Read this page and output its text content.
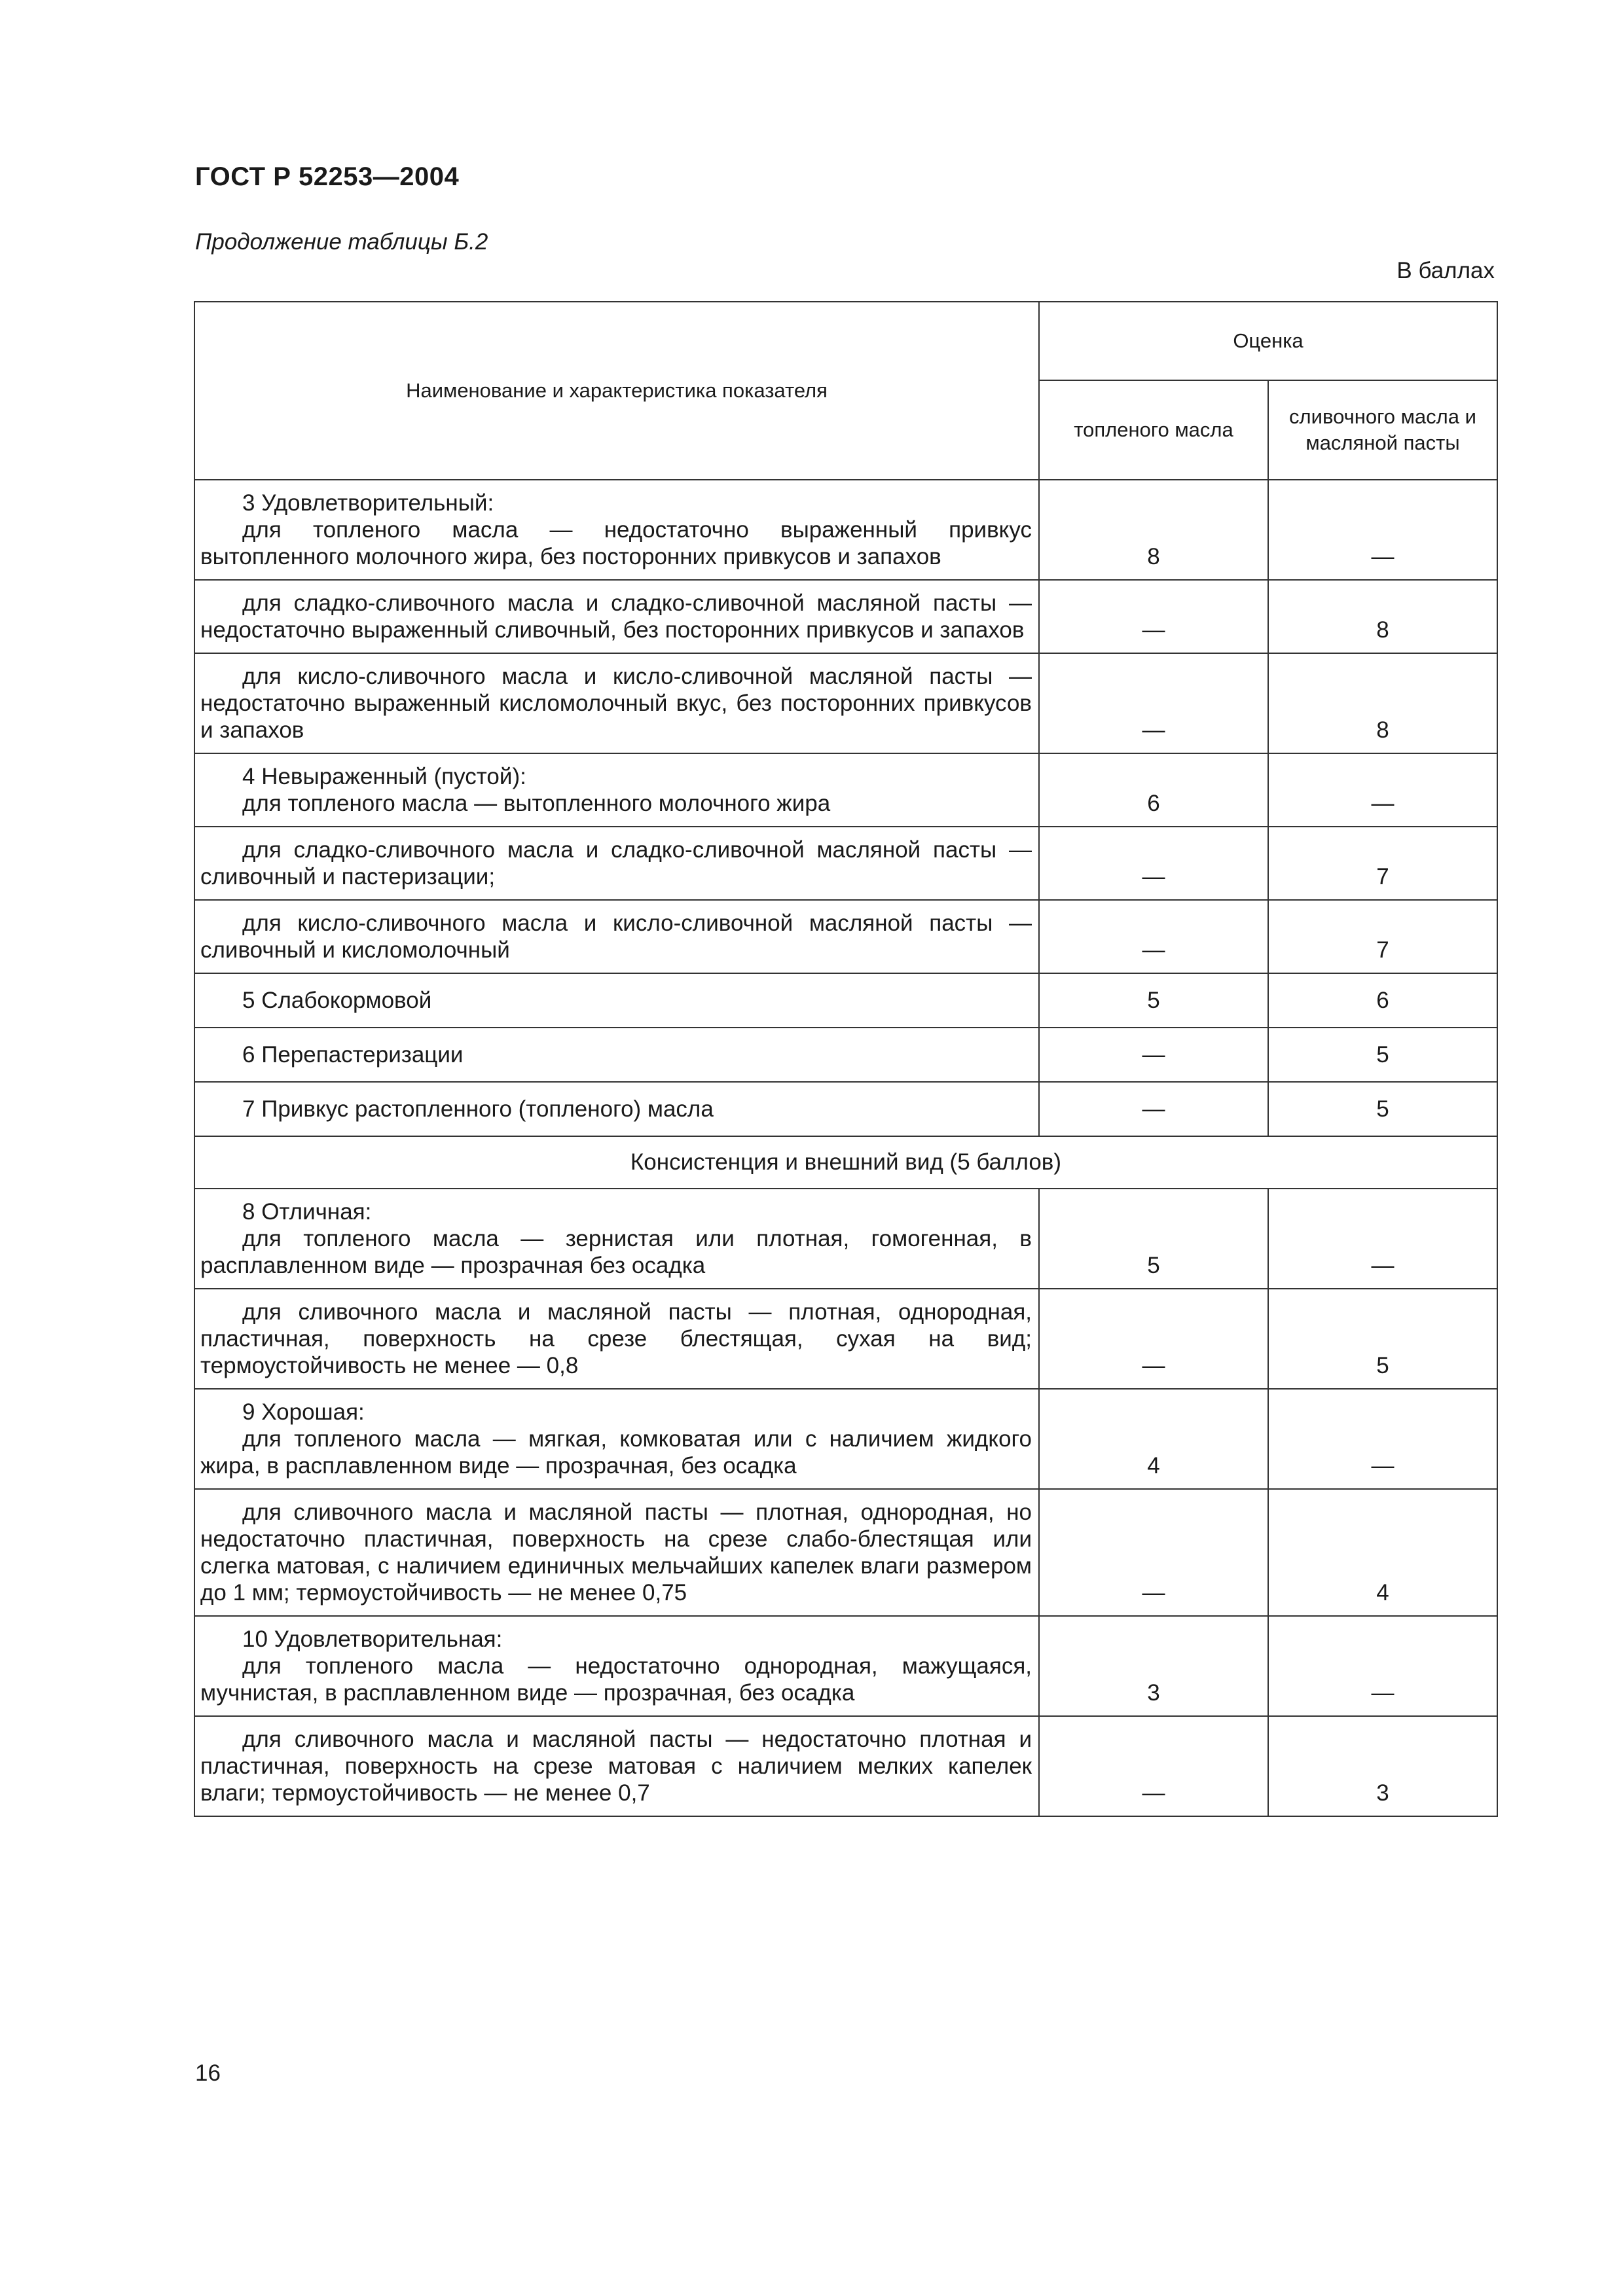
ГОСТ Р 52253—2004
Продолжение таблицы Б.2
В баллах
Наименование и характеристика показателя	Оценка	
	топленого масла	сливочного масла и масляной пасты

3 Удовлетворительный:

для топленого масла — недостаточно выраженный привкус вытопленного молочного жира, без посторонних привкусов и запахов	8	—

для сладко-сливочного масла и сладко-сливочной масляной пасты — недостаточно выраженный сливочный, без посторонних привкусов и запахов	—	8

для кисло-сливочного масла и кисло-сливочной масляной пасты — недостаточно выраженный кисломолочный вкус, без посторонних привкусов и запахов	—	8

4 Невыраженный (пустой):

для топленого масла — вытопленного молочного жира	6	—

для сладко-сливочного масла и сладко-сливочной масляной пасты — сливочный и пастеризации;	—	7

для кисло-сливочного масла и кисло-сливочной масляной пасты — сливочный и кисломолочный	—	7

5 Слабокормовой	5	6

6 Перепастеризации	—	5

7 Привкус растопленного (топленого) масла	—	5
Консистенция и внешний вид (5 баллов)		

8 Отличная:

для топленого масла — зернистая или плотная, гомогенная, в расплавленном виде — прозрачная без осадка	5	—

для сливочного масла и масляной пасты — плотная, однородная, пластичная, поверхность на срезе блестящая, сухая на вид; термоустойчивость не менее — 0,8	—	5

9 Хорошая:

для топленого масла — мягкая, комковатая или с наличием жидкого жира, в расплавленном виде — прозрачная, без осадка	4	—

для сливочного масла и масляной пасты — плотная, однородная, но недостаточно пластичная, поверхность на срезе слабо-блестящая или слегка матовая, с наличием единичных мельчайших капелек влаги размером до 1 мм; термоустойчивость — не менее 0,75	—	4

10 Удовлетворительная:

для топленого масла — недостаточно однородная, мажущаяся, мучнистая, в расплавленном виде — прозрачная, без осадка	3	—

для сливочного масла и масляной пасты — недостаточно плотная и пластичная, поверхность на срезе матовая с наличием мелких капелек влаги; термоустойчивость — не менее 0,7	—	3
16
